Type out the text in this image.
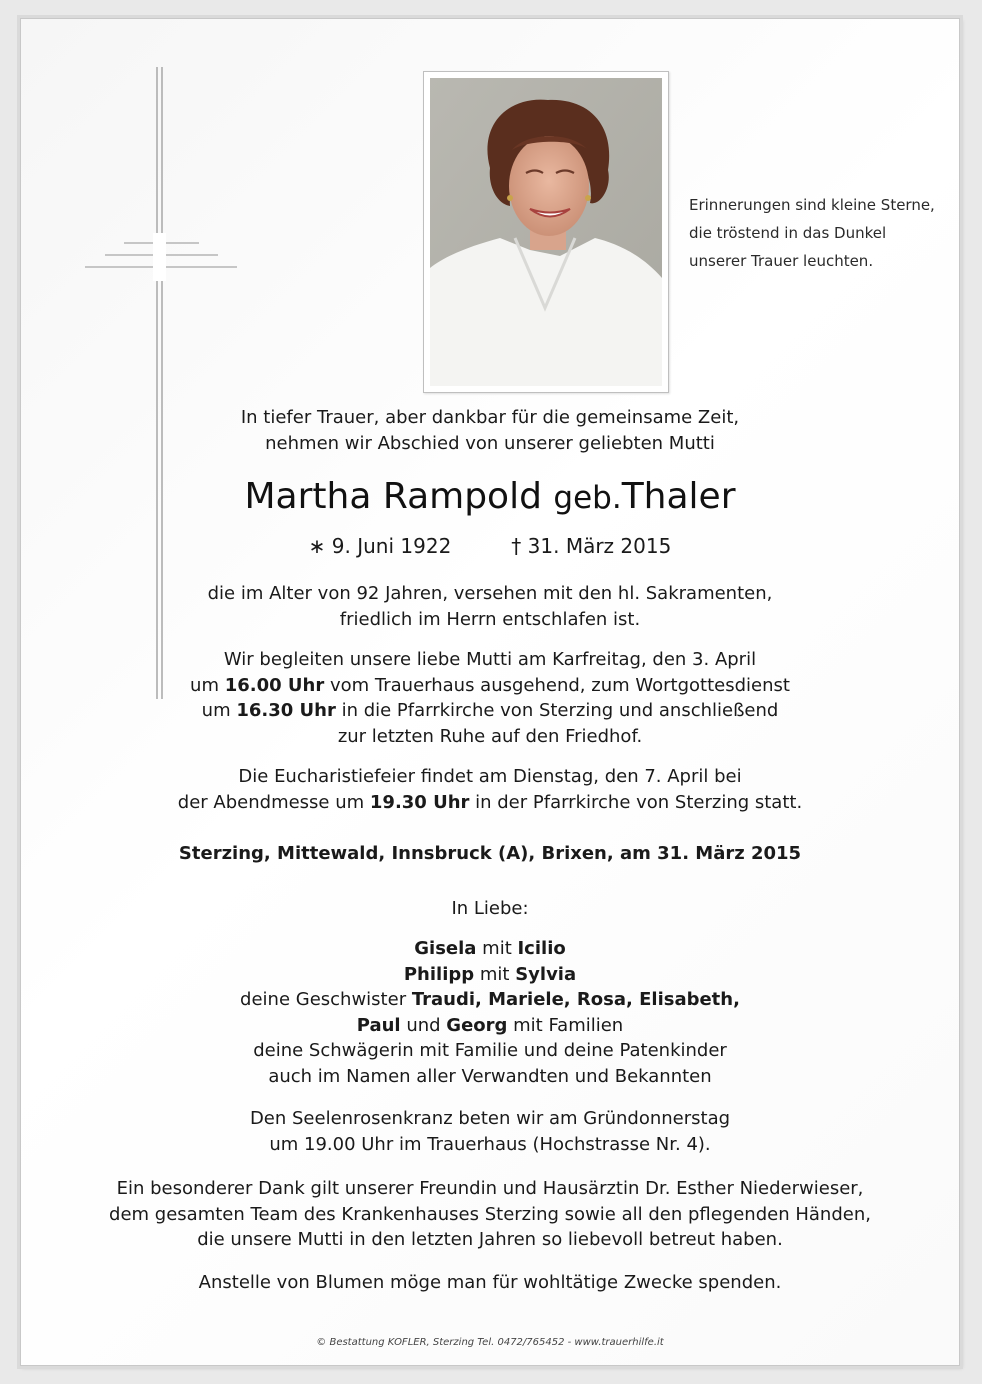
Erinnerungen sind kleine Sterne,
die tröstend in das Dunkel
unserer Trauer leuchten.
In tiefer Trauer, aber dankbar für die gemeinsame Zeit,
nehmen wir Abschied von unserer geliebten Mutti
Martha Rampold geb.Thaler
∗ 9. Juni 1922	† 31. März 2015
die im Alter von 92 Jahren, versehen mit den hl. Sakramenten,
friedlich im Herrn entschlafen ist.
Wir begleiten unsere liebe Mutti am Karfreitag, den 3. April
um 16.00 Uhr vom Trauerhaus ausgehend, zum Wortgottesdienst
um 16.30 Uhr in die Pfarrkirche von Sterzing und anschließend
zur letzten Ruhe auf den Friedhof.
Die Eucharistiefeier findet am Dienstag, den 7. April bei
der Abendmesse um 19.30 Uhr in der Pfarrkirche von Sterzing statt.
Sterzing, Mittewald, Innsbruck (A), Brixen, am 31. März 2015
In Liebe:
Gisela mit Icilio
Philipp mit Sylvia
deine Geschwister Traudi, Mariele, Rosa, Elisabeth,
Paul und Georg mit Familien
deine Schwägerin mit Familie und deine Patenkinder
auch im Namen aller Verwandten und Bekannten
Den Seelenrosenkranz beten wir am Gründonnerstag
um 19.00 Uhr im Trauerhaus (Hochstrasse Nr. 4).
Ein besonderer Dank gilt unserer Freundin und Hausärztin Dr. Esther Niederwieser,
dem gesamten Team des Krankenhauses Sterzing sowie all den pflegenden Händen,
die unsere Mutti in den letzten Jahren so liebevoll betreut haben.
Anstelle von Blumen möge man für wohltätige Zwecke spenden.
© Bestattung KOFLER, Sterzing Tel. 0472/765452 - www.trauerhilfe.it
